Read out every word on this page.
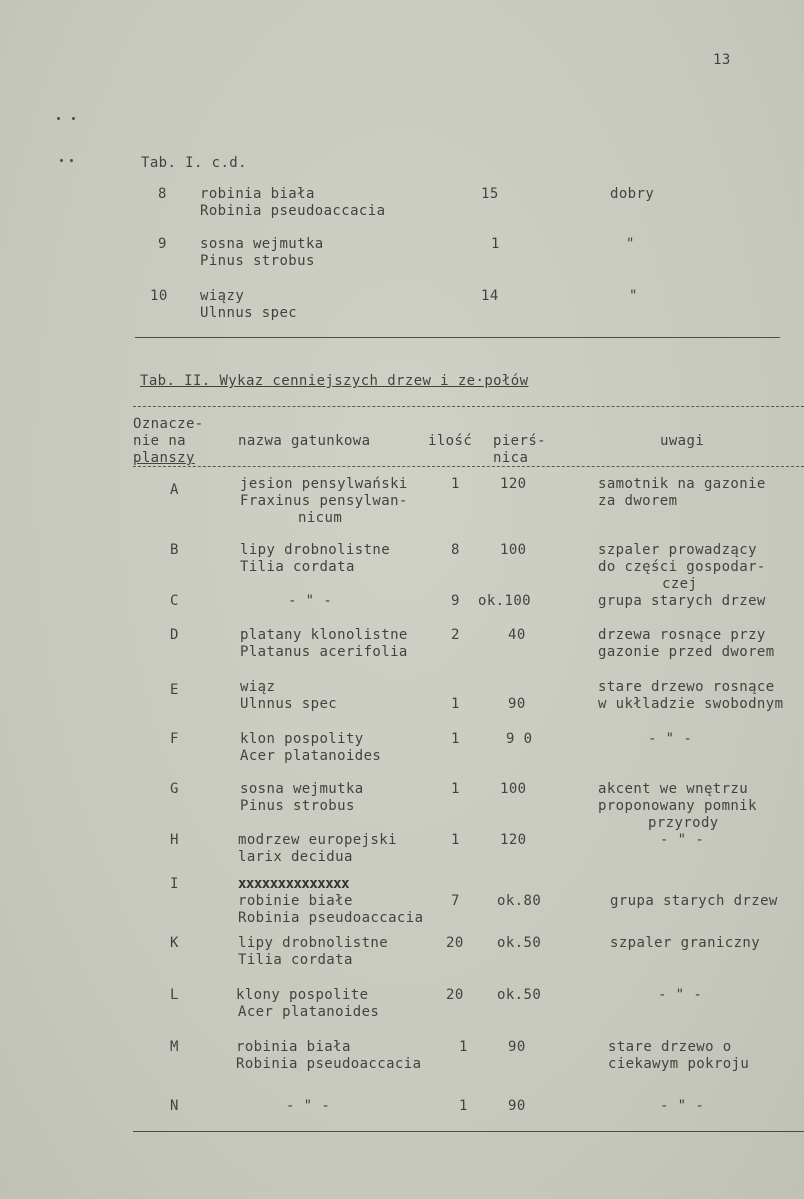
13
Tab. I. c.d.
8 robinia biała
Robinia pseudoaccacia
15	dobry
9 sosna wejmutka
Pinus strobus
1	"
10 wiązy
Ulnnus spec
14	"
Tab. II. Wykaz cenniejszych drzew i ze·połów
Oznacze-
nie na
planszy
nazwa gatunkowa	ilość pierś-
nica
uwagi
A	jesion pensylwański
Fraxinus pensylwan-
nicum
1	120	samotnik na gazonie
za dworem
B	lipy drobnolistne
Tilia cordata
8	100	szpaler prowadzący
do części gospodar-
czej
C	- " -	9 ok.100	grupa starych drzew
D	platany klonolistne
Platanus acerifolia
2	40	drzewa rosnące przy
gazonie przed dworem
E	wiąz
Ulnnus spec	1	90
stare drzewo rosnące
w ukłladzie swobodnym
F	klon pospolity
Acer platanoides
1	9 0	- " -
G	sosna wejmutka
Pinus strobus
1	100	akcent we wnętrzu
proponowany pomnik
przyrody
H	modrzew europejski
larix decidua
1	120	- " -
I	xxxxxxxxxxxxxx
robinie białe
Robinia pseudoaccacia
7	ok.80	grupa starych drzew
K	lipy drobnolistne
Tilia cordata
20 ok.50	szpaler graniczny
L	klony pospolite
Acer platanoides
20 ok.50	- " -
M	robinia biała
Robinia pseudoaccacia
1	90	stare drzewo o
ciekawym pokroju
N	- " -	1	90	- " -
